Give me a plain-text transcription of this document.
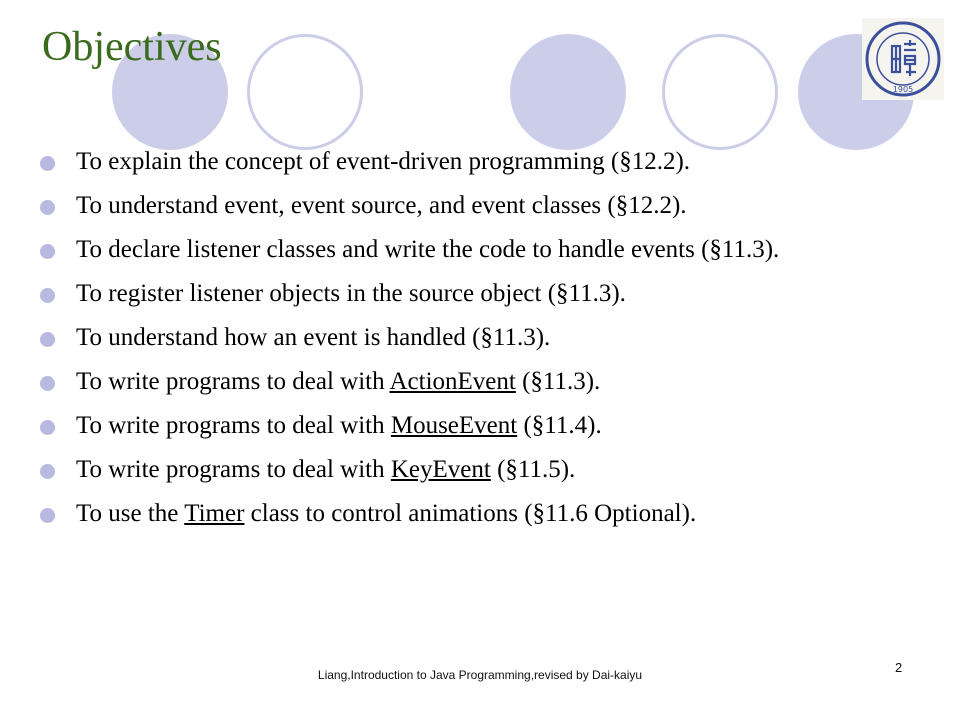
1905
Objectives
To explain the concept of event-driven programming (§12.2).
To understand event, event source, and event classes (§12.2).
To declare listener classes and write the code to handle events (§11.3).
To register listener objects in the source object (§11.3).
To understand how an event is handled (§11.3).
To write programs to deal with ActionEvent (§11.3).
To write programs to deal with MouseEvent (§11.4).
To write programs to deal with KeyEvent (§11.5).
To use the Timer class to control animations (§11.6 Optional).
Liang,Introduction to Java Programming,revised by Dai-kaiyu	2
